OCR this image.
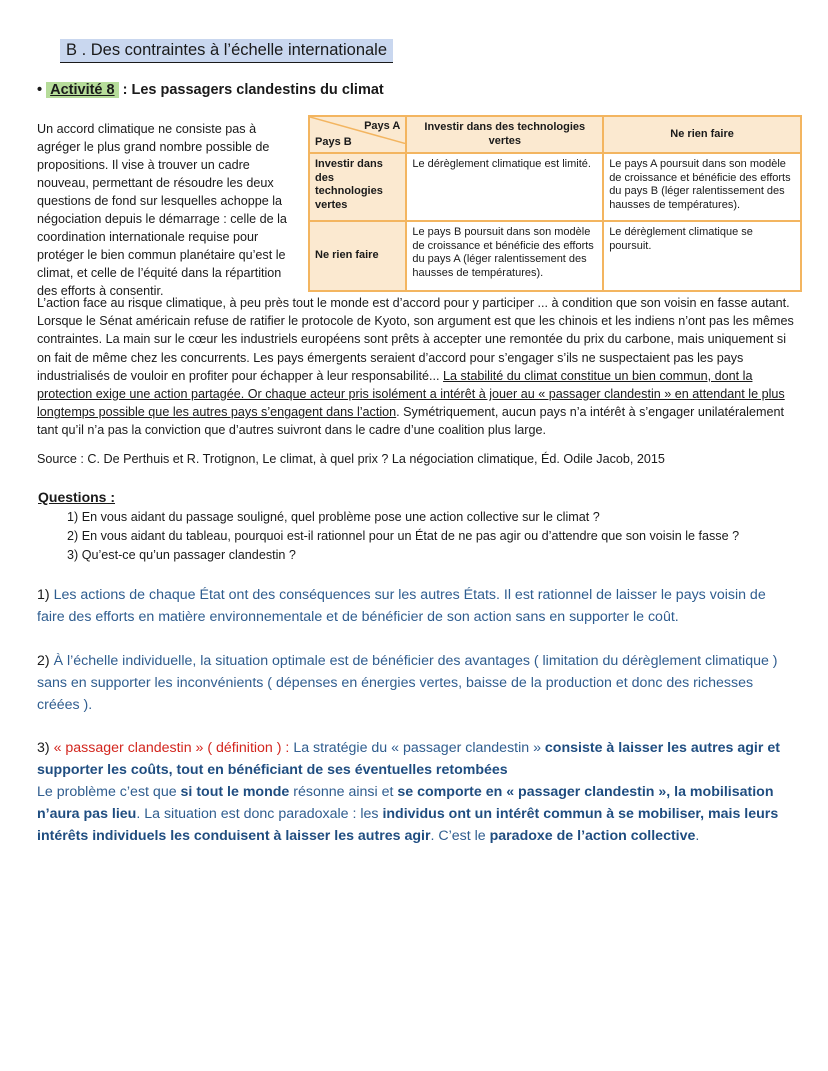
B . Des contraintes à l’échelle internationale
• Activité 8 : Les passagers clandestins du climat
Un accord climatique ne consiste pas à agréger le plus grand nombre possible de propositions. Il vise à trouver un cadre nouveau, permettant de résoudre les deux questions de fond sur lesquelles achoppe la négociation depuis le démarrage : celle de la coordination internationale requise pour protéger le bien commun planétaire qu’est le climat, et celle de l’équité dans la répartition des efforts à consentir.
Pays A
Pays B	Investir dans des technologies vertes	Ne rien faire
Investir dans des technologies vertes	Le dérèglement climatique est limité.	Le pays A poursuit dans son modèle de croissance et bénéficie des efforts du pays B (léger ralentissement des hausses de températures).
Ne rien faire	Le pays B poursuit dans son modèle de croissance et bénéficie des efforts du pays A (léger ralentissement des hausses de températures).	Le dérèglement climatique se poursuit.
L’action face au risque climatique, à peu près tout le monde est d’accord pour y participer ... à condition que son voisin en fasse autant. Lorsque le Sénat américain refuse de ratifier le protocole de Kyoto, son argument est que les chinois et les indiens n’ont pas les mêmes contraintes. La main sur le cœur les industriels européens sont prêts à accepter une remontée du prix du carbone, mais uniquement si on fait de même chez les concurrents. Les pays émergents seraient d’accord pour s’engager s’ils ne suspectaient pas les pays industrialisés de vouloir en profiter pour échapper à leur responsabilité... La stabilité du climat constitue un bien commun, dont la protection exige une action partagée. Or chaque acteur pris isolément a intérêt à jouer au « passager clandestin » en attendant le plus longtemps possible que les autres pays s’engagent dans l’action. Symétriquement, aucun pays n’a intérêt à s’engager unilatéralement tant qu’il n’a pas la conviction que d’autres suivront dans le cadre d’une coalition plus large.
Source : C. De Perthuis et R. Trotignon, Le climat, à quel prix ? La négociation climatique, Éd. Odile Jacob, 2015
Questions :
1) En vous aidant du passage souligné, quel problème pose une action collective sur le climat ?
2) En vous aidant du tableau, pourquoi est-il rationnel pour un État de ne pas agir ou d’attendre que son voisin le fasse ?
3) Qu’est-ce qu’un passager clandestin ?
1) Les actions de chaque État ont des conséquences sur les autres États. Il est rationnel de laisser le pays voisin de faire des efforts en matière environnementale et de bénéficier de son action sans en supporter le coût.
2) À l’échelle individuelle, la situation optimale est de bénéficier des avantages ( limitation du dérèglement climatique ) sans en supporter les inconvénients ( dépenses en énergies vertes, baisse de la production et donc des richesses créées ).
3) « passager clandestin » ( définition ) : La stratégie du « passager clandestin » consiste à laisser les autres agir et supporter les coûts, tout en bénéficiant de ses éventuelles retombées
Le problème c’est que si tout le monde résonne ainsi et se comporte en « passager clandestin », la mobilisation n’aura pas lieu. La situation est donc paradoxale : les individus ont un intérêt commun à se mobiliser, mais leurs intérêts individuels les conduisent à laisser les autres agir. C’est le paradoxe de l’action collective.
